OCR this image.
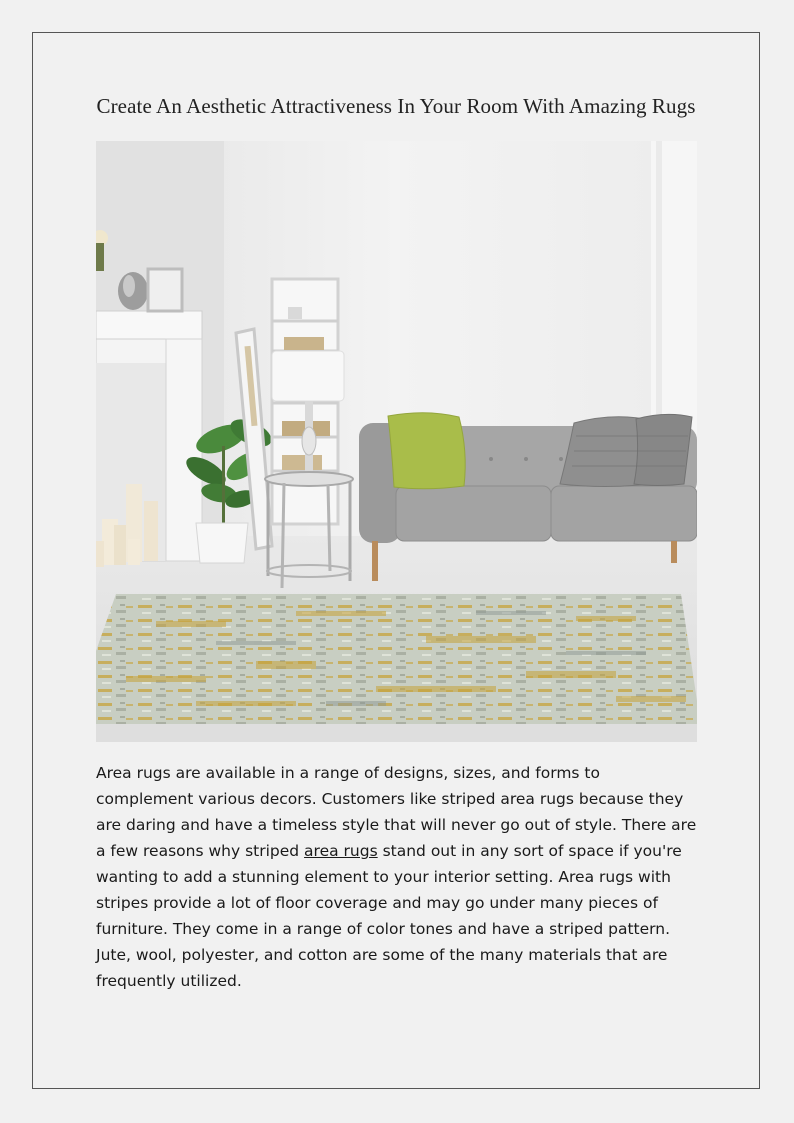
Create An Aesthetic Attractiveness In Your Room With Amazing Rugs
Area rugs are available in a range of designs, sizes, and forms to complement various decors. Customers like striped area rugs because they are daring and have a timeless style that will never go out of style. There are a few reasons why striped area rugs stand out in any sort of space if you're wanting to add a stunning element to your interior setting. Area rugs with stripes provide a lot of floor coverage and may go under many pieces of furniture. They come in a range of color tones and have a striped pattern. Jute, wool, polyester, and cotton are some of the many materials that are frequently utilized.
